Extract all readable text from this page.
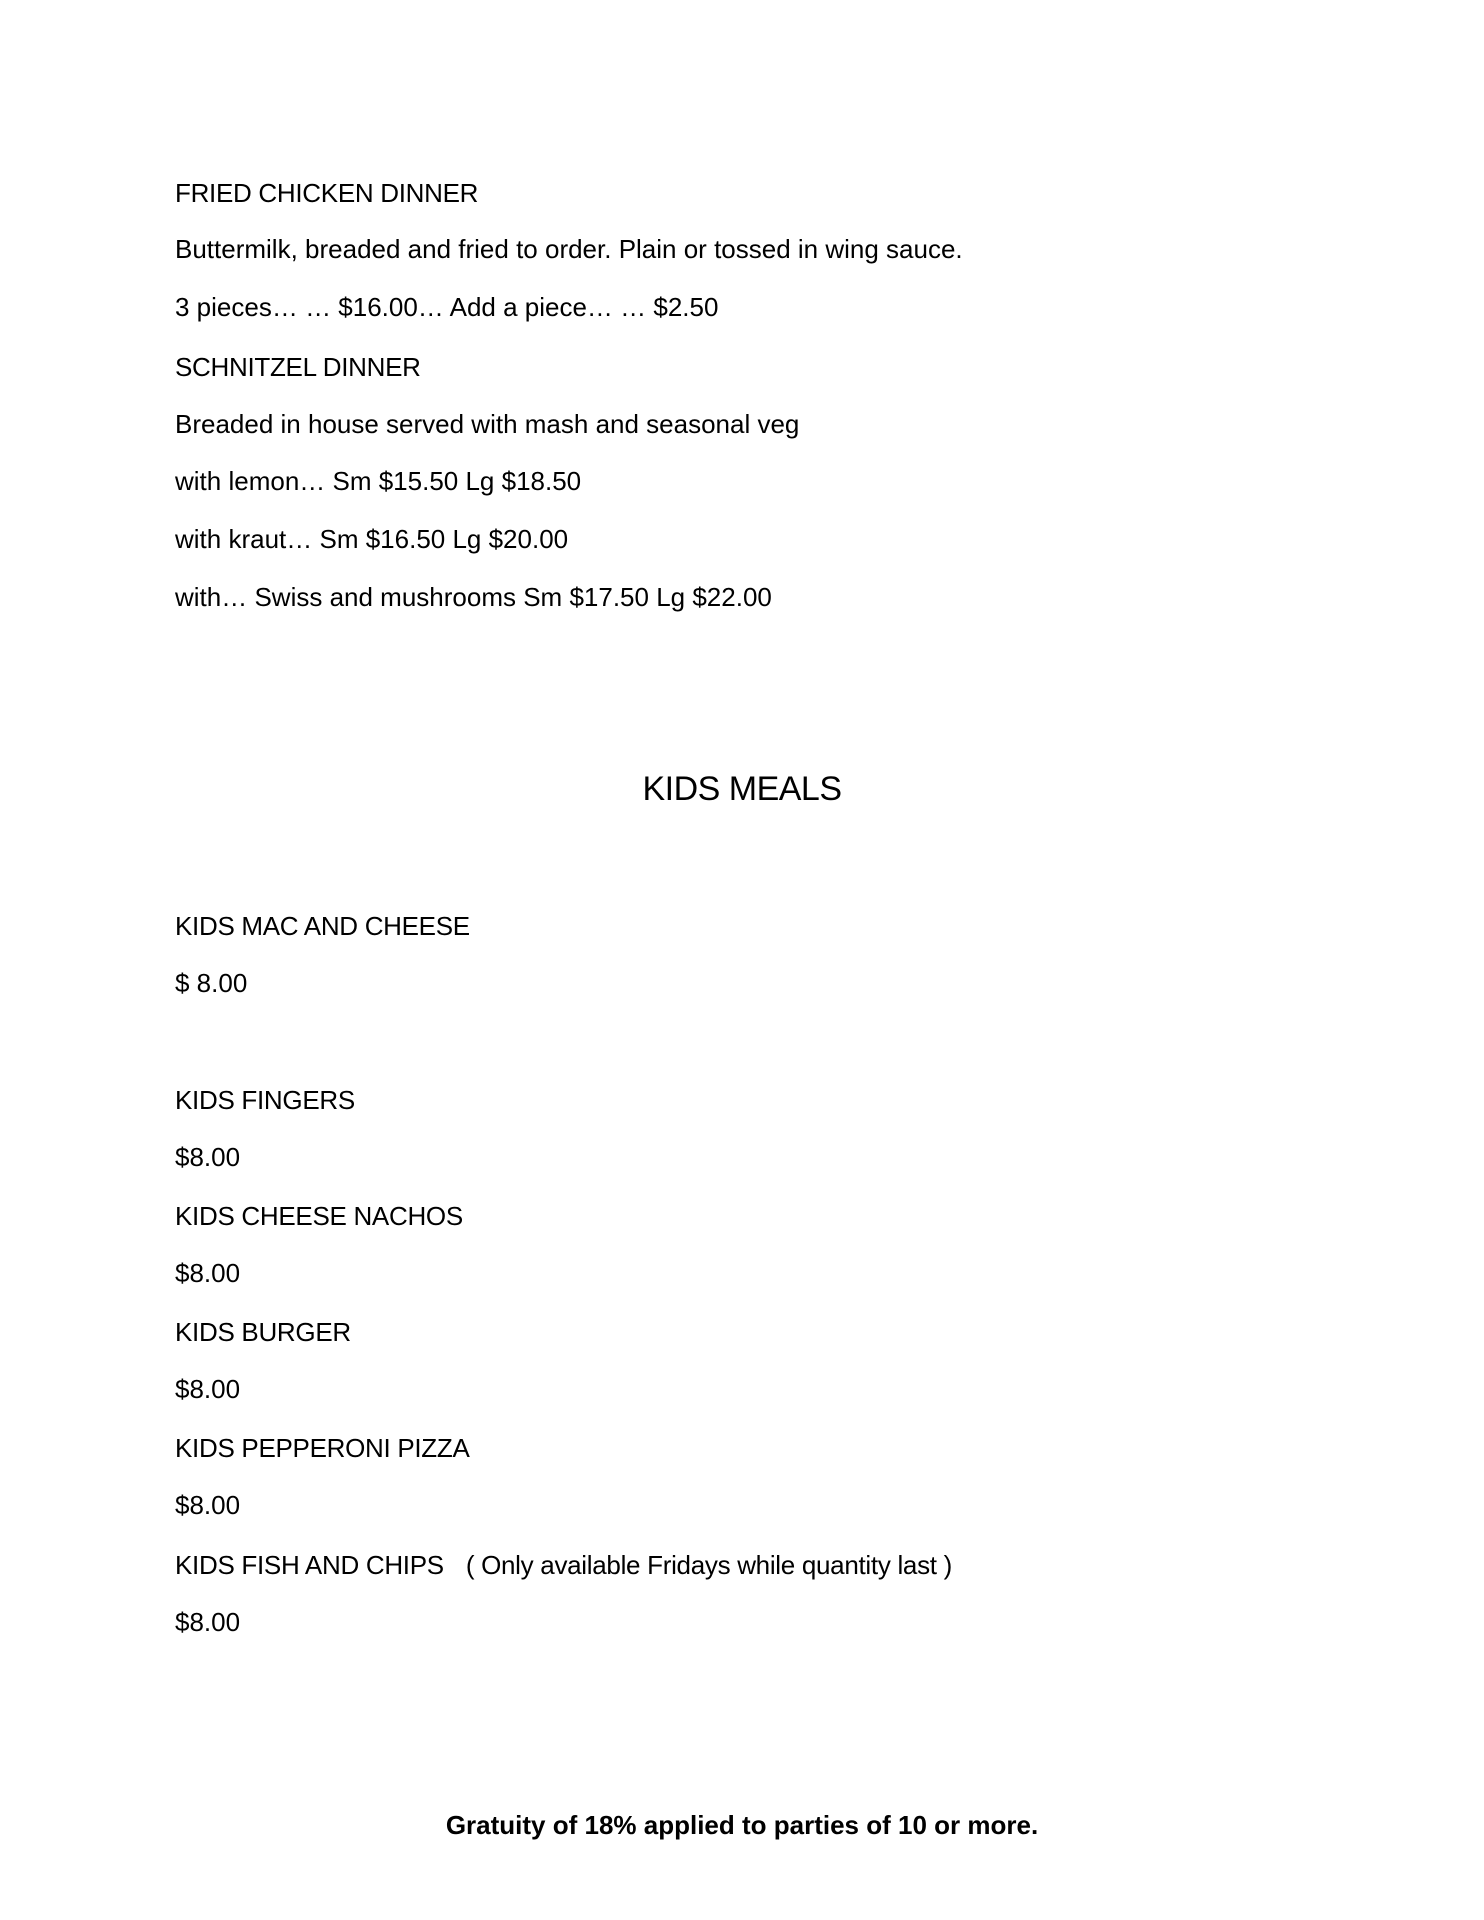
FRIED CHICKEN DINNER
Buttermilk, breaded and fried to order. Plain or tossed in wing sauce.
3 pieces… … $16.00… Add a piece… … $2.50
SCHNITZEL DINNER
Breaded in house served with mash and seasonal veg
with lemon… Sm $15.50 Lg $18.50
with kraut… Sm $16.50 Lg $20.00
with… Swiss and mushrooms Sm $17.50 Lg $22.00
KIDS MEALS
KIDS MAC AND CHEESE
$ 8.00
KIDS FINGERS
$8.00
KIDS CHEESE NACHOS
$8.00
KIDS BURGER
$8.00
KIDS PEPPERONI PIZZA
$8.00
KIDS FISH AND CHIPS ( Only available Fridays while quantity last )
$8.00
Gratuity of 18% applied to parties of 10 or more.
